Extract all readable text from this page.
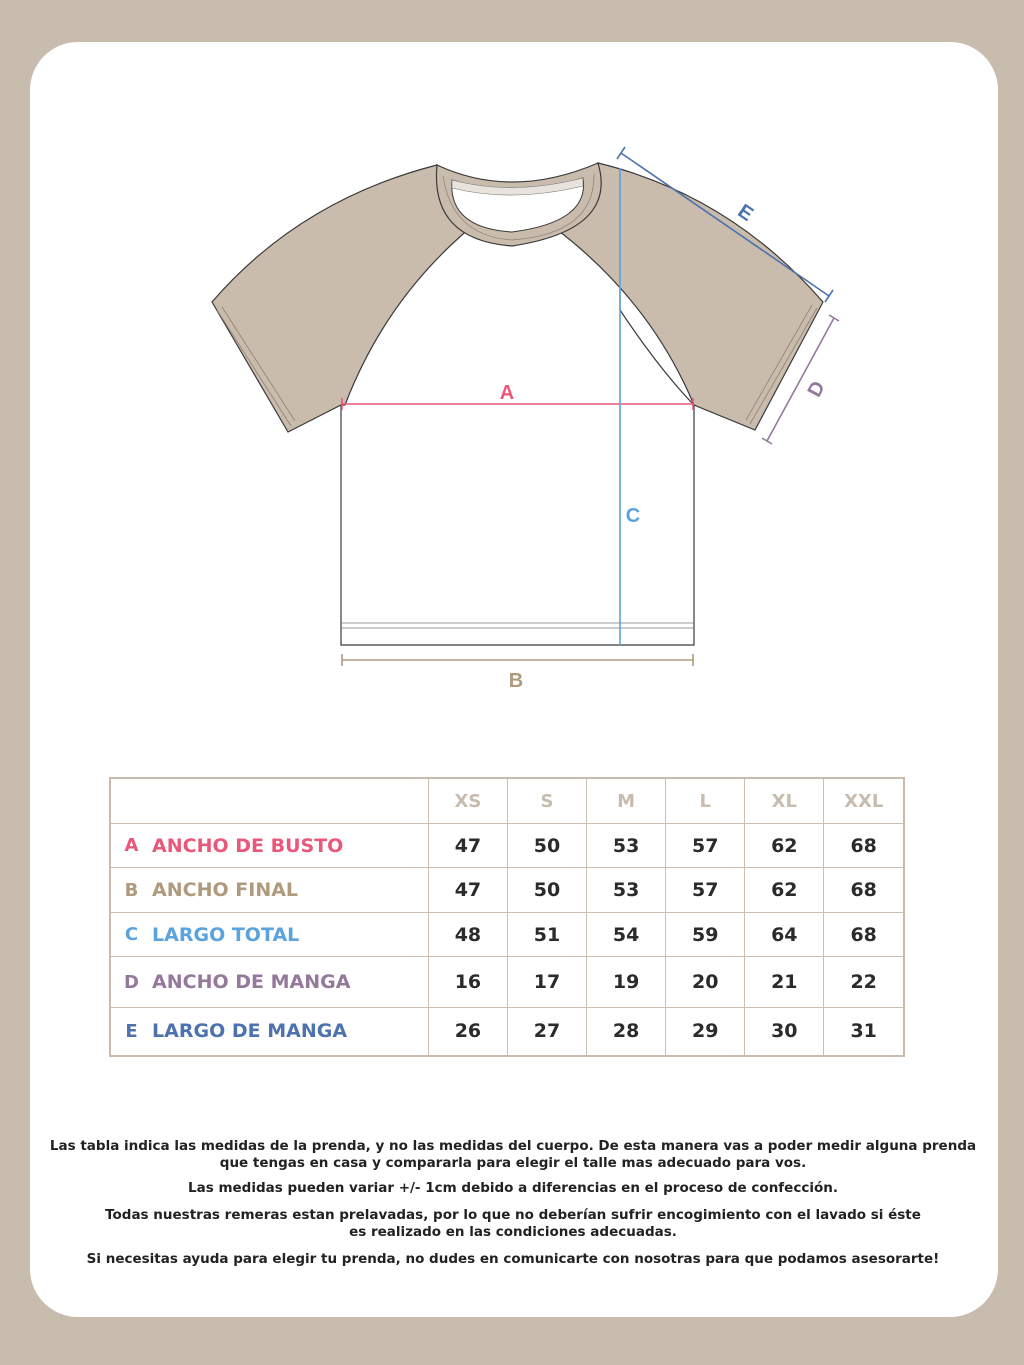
A
B
C
E
D
		XS	S	M	L	XL	XXL
A	ANCHO DE BUSTO	47	50	53	57	62	68
B	ANCHO FINAL	47	50	53	57	62	68
C	LARGO TOTAL	48	51	54	59	64	68
D	ANCHO DE MANGA	16	17	19	20	21	22
E	LARGO DE MANGA	26	27	28	29	30	31

Las tabla indica las medidas de la prenda, y no las medidas del cuerpo. De esta manera vas a poder medir alguna prenda
que tengas en casa y compararla para elegir el talle mas adecuado para vos.

Las medidas pueden variar +/- 1cm debido a diferencias en el proceso de confección.

Todas nuestras remeras estan prelavadas, por lo que no deberían sufrir encogimiento con el lavado si éste
es realizado en las condiciones adecuadas.

Si necesitas ayuda para elegir tu prenda, no dudes en comunicarte con nosotras para que podamos asesorarte!
